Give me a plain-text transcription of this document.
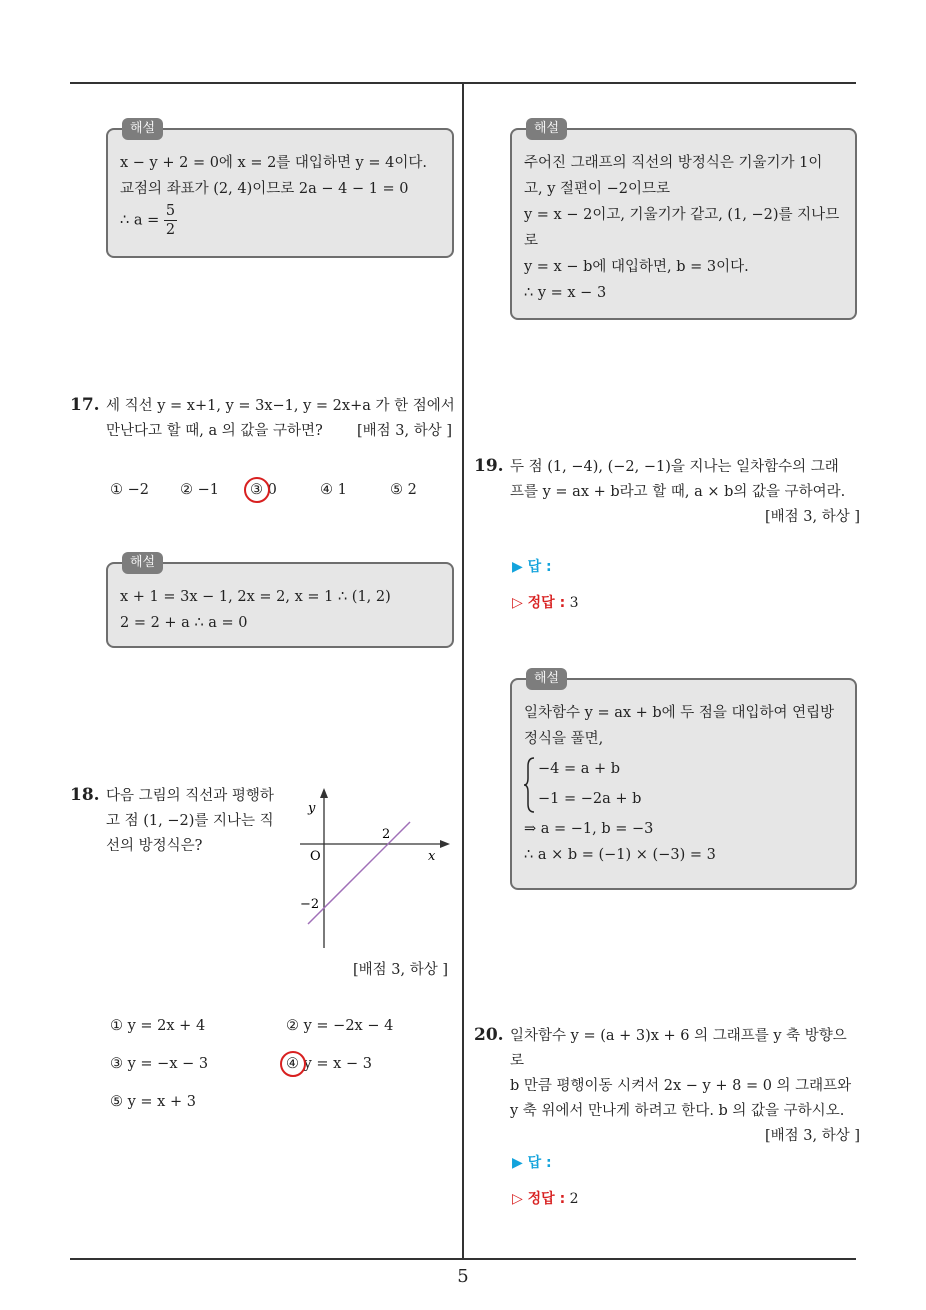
5
해설
x − y + 2 = 0에 x = 2를 대입하면 y = 4이다.
교점의 좌표가 (2, 4)이므로 2a − 4 − 1 = 0
∴ $a = \frac{5}{2}$
17. 세 직선 y = x+1, y = 3x−1, y = 2x+a 가 한 점에서
만난다고 할 때, a 의 값을 구하면? [배점 3, 하상 ]
① −2 ② −1 ③ 0	④ 1	⑤ 2
해설
x + 1 = 3x − 1, 2x = 2, x = 1 ∴ (1, 2)
2 = 2 + a ∴ a = 0
18. 다음 그림의 직선과 평행하
고 점 (1, −2)를 지나는 직
선의 방정식은?
y
x
O
2
−2
[배점 3, 하상 ]
① y = 2x + 4	② y = −2x − 4
③ y = −x − 3	④ y = x − 3
⑤ y = x + 3
해설
주어진 그래프의 직선의 방정식은 기울기가 1이
고, y 절편이 −2이므로
y = x − 2이고, 기울기가 같고, (1, −2)를 지나므
로
y = x − b에 대입하면, b = 3이다.
∴ y = x − 3
19. 두 점 (1, −4), (−2, −1)을 지나는 일차함수의 그래
프를 y = ax + b라고 할 때, a × b의 값을 구하여라.
[배점 3, 하상 ]
▶ 답 :
▷ 정답 : 3
해설
일차함수 y = ax + b에 두 점을 대입하여 연립방
정식을 풀면,
−4 = a + b
−1 = −2a + b
⇒ a = −1, b = −3
∴ a × b = (−1) × (−3) = 3
20. 일차함수 y = (a + 3)x + 6 의 그래프를 y 축 방향으로
b 만큼 평행이동 시켜서 2x − y + 8 = 0 의 그래프와
y 축 위에서 만나게 하려고 한다. b 의 값을 구하시오.
[배점 3, 하상 ]
▶ 답 :
▷ 정답 : 2
